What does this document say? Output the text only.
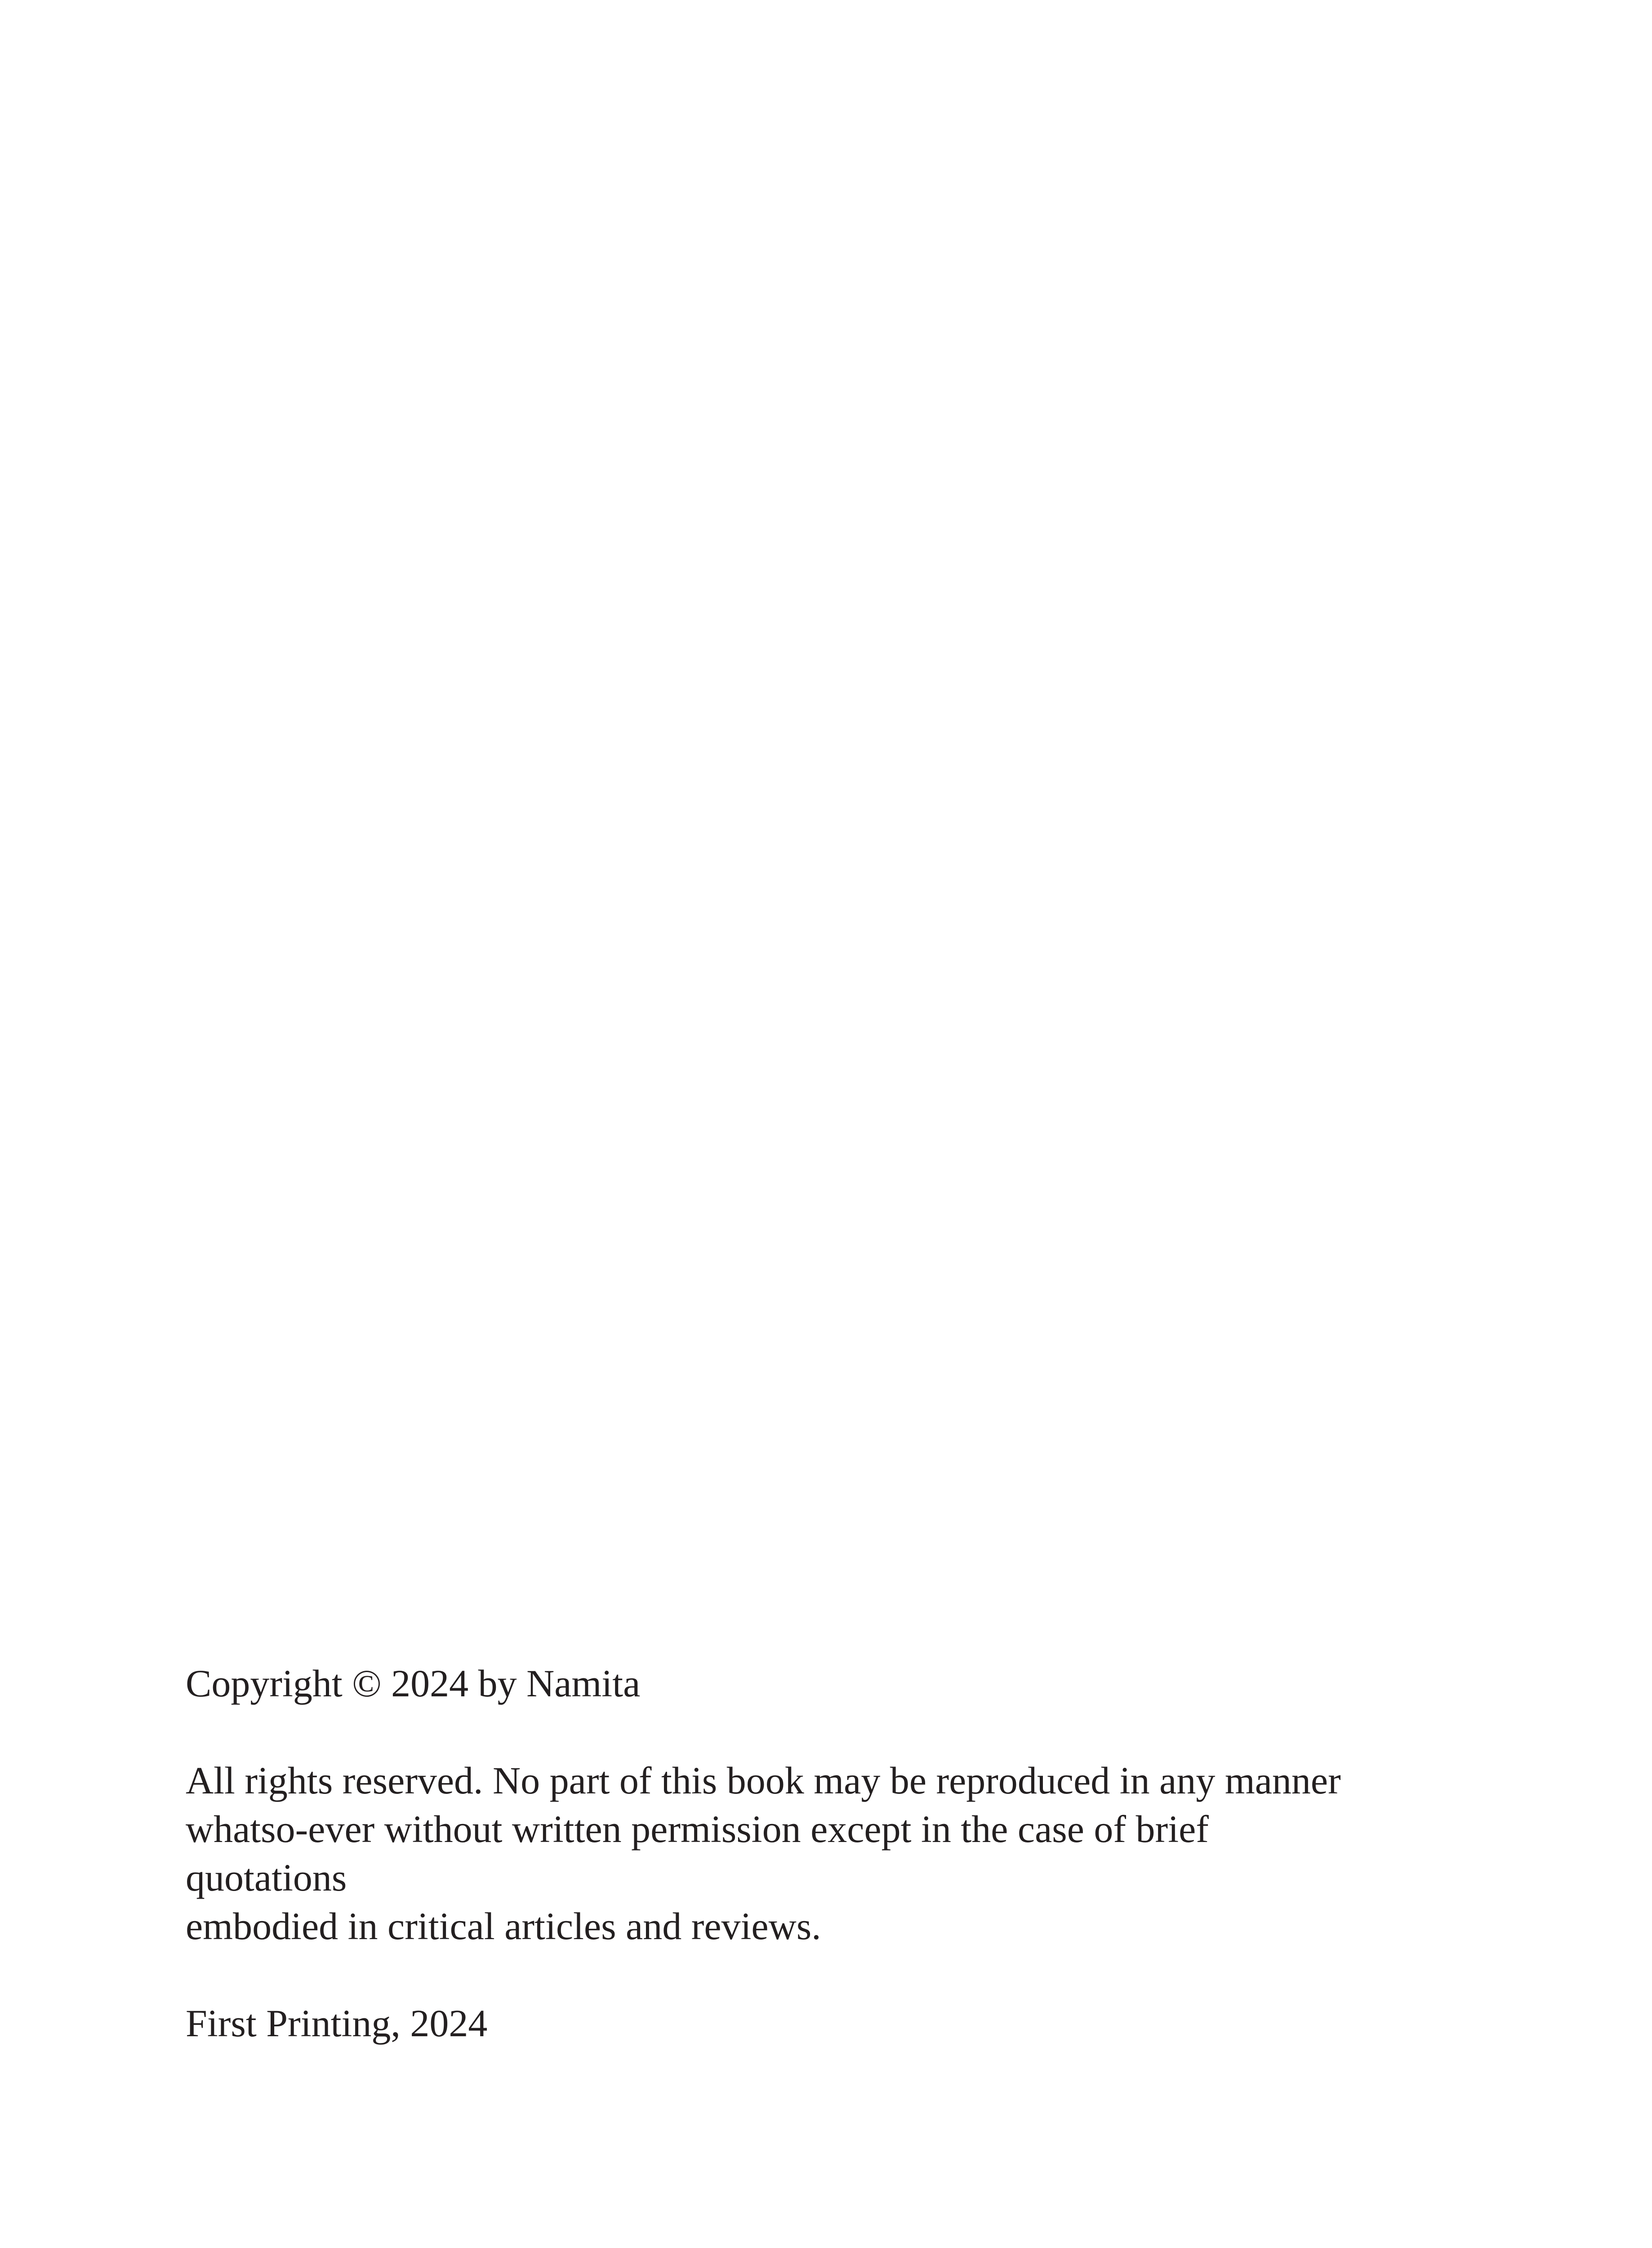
Copyright © 2024 by Namita

All rights reserved. No part of this book may be reproduced in any manner
whatso-ever without written permission except in the case of brief
quotations
embodied in critical articles and reviews.

First Printing, 2024
